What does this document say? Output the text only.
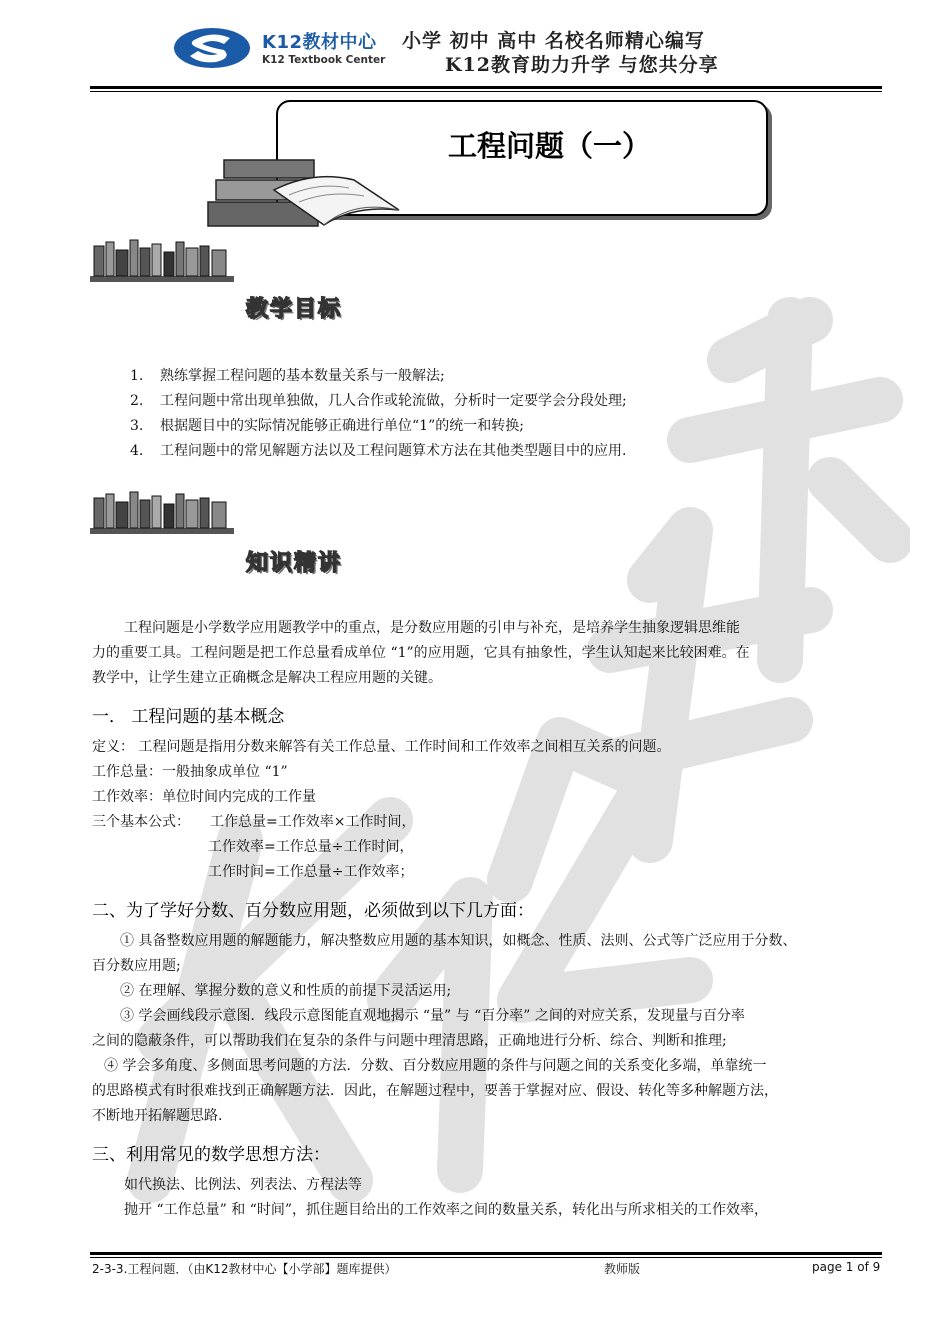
K12教材中心
K12 Textbook Center
小学 初中 高中 名校名师精心编写
K12教育助力升学 与您共分享
工程问题（一）
教学目标
1. 熟练掌握工程问题的基本数量关系与一般解法;
2. 工程问题中常出现单独做，几人合作或轮流做，分析时一定要学会分段处理;
3. 根据题目中的实际情况能够正确进行单位“1”的统一和转换;
4. 工程问题中的常见解题方法以及工程问题算术方法在其他类型题目中的应用.
知识精讲
工程问题是小学数学应用题教学中的重点，是分数应用题的引申与补充，是培养学生抽象逻辑思维能
力的重要工具。工程问题是把工作总量看成单位 “1”的应用题，它具有抽象性，学生认知起来比较困难。在
教学中，让学生建立正确概念是解决工程应用题的关键。
一． 工程问题的基本概念
定义： 工程问题是指用分数来解答有关工作总量、工作时间和工作效率之间相互关系的问题。
工作总量：一般抽象成单位 “1”
工作效率：单位时间内完成的工作量
三个基本公式： 工作总量=工作效率×工作时间，
工作效率=工作总量÷工作时间，
工作时间=工作总量÷工作效率；
二、为了学好分数、百分数应用题，必须做到以下几方面：
① 具备整数应用题的解题能力，解决整数应用题的基本知识，如概念、性质、法则、公式等广泛应用于分数、
百分数应用题;
② 在理解、掌握分数的意义和性质的前提下灵活运用;
③ 学会画线段示意图．线段示意图能直观地揭示 “量” 与 “百分率” 之间的对应关系，发现量与百分率
之间的隐蔽条件，可以帮助我们在复杂的条件与问题中理清思路，正确地进行分析、综合、判断和推理;
④ 学会多角度、多侧面思考问题的方法．分数、百分数应用题的条件与问题之间的关系变化多端，单靠统一
的思路模式有时很难找到正确解题方法．因此，在解题过程中，要善于掌握对应、假设、转化等多种解题方法，
不断地开拓解题思路.
三、利用常见的数学思想方法：
如代换法、比例法、列表法、方程法等
抛开 “工作总量” 和 “时间”，抓住题目给出的工作效率之间的数量关系，转化出与所求相关的工作效率，
2-3-3.工程问题．（由K12教材中心【小学部】题库提供）	教师版	page 1 of 9
